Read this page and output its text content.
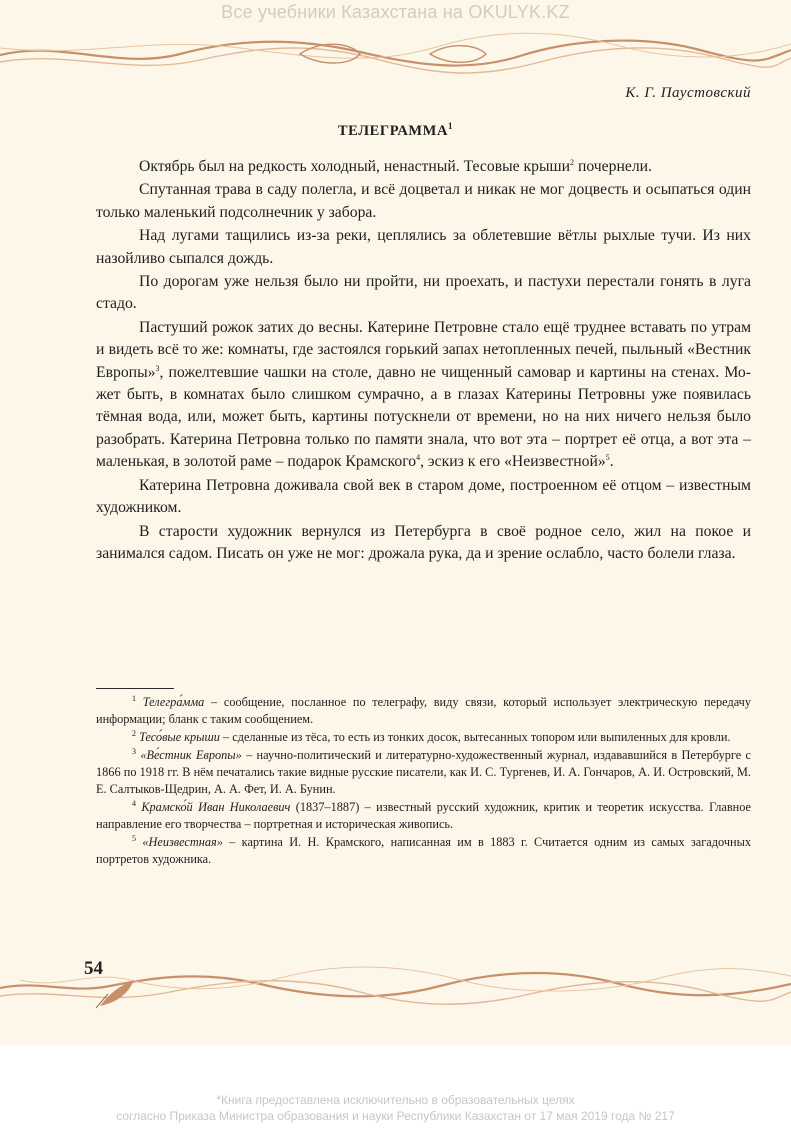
Все учебники Казахстана на OKULYK.KZ
К. Г. Паустовский
ТЕЛЕГРАММА$^1$

Октябрь был на редкость холодный, ненастный. Тесовые крыши$^2$ почернели.

Спутанная трава в саду полегла, и всё доцветал и никак не мог доцвесть и осыпаться один только маленький подсолнечник у забора.

Над лугами тащились из-за реки, цеплялись за облетевшие вётлы рыхлые тучи. Из них назойливо сыпался дождь.

По дорогам уже нельзя было ни пройти, ни проехать, и пастухи перестали гонять в луга стадо.

Пастуший рожок затих до весны. Катерине Петровне стало ещё труднее вставать по утрам и видеть всё то же: комнаты, где застоялся горький запах нетопленных печей, пыльный «Вестник Европы»$^3$, пожелтевшие чашки на столе, давно не чищенный самовар и картины на стенах. Может быть, в комнатах было слишком сумрачно, а в глазах Катерины Петровны уже появилась тёмная вода, или, может быть, картины потускнели от времени, но на них ничего нельзя было разобрать. Катерина Петровна только по памяти знала, что вот эта – портрет её отца, а вот эта – маленькая, в золотой раме – подарок Крамского$^4$, эскиз к его «Неизвестной»$^5$.

Катерина Петровна доживала свой век в старом доме, построенном её отцом – известным художником.

В старости художник вернулся из Петербурга в своё родное село, жил на покое и занимался садом. Писать он уже не мог: дрожала рука, да и зрение ослабло, часто болели глаза.

$^1$ Телегра́мма – сообщение, посланное по телеграфу, виду связи, который использует электрическую передачу информации; бланк с таким сообщением.

$^2$ Тесо́вые крыши – сделанные из тёса, то есть из тонких досок, вытесанных топором или выпиленных для кровли.

$^3$ «Ве́стник Европы» – научно-политический и литературно-художественный журнал, издававшийся в Петербурге с 1866 по 1918 гг. В нём печатались такие видные русские писатели, как И. С. Тургенев, И. А. Гончаров, А. И. Островский, М. Е. Салтыков-Щедрин, А. А. Фет, И. А. Бунин.

$^4$ Крамско́й Иван Николаевич (1837–1887) – известный русский художник, критик и теоретик искусства. Главное направление его творчества – портретная и историческая живопись.

$^5$ «Неизвестная» – картина И. Н. Крамского, написанная им в 1883 г. Считается одним из самых загадочных портретов художника.

54
*Книга предоставлена исключительно в образовательных целях
согласно Приказа Министра образования и науки Республики Казахстан от 17 мая 2019 года № 217
